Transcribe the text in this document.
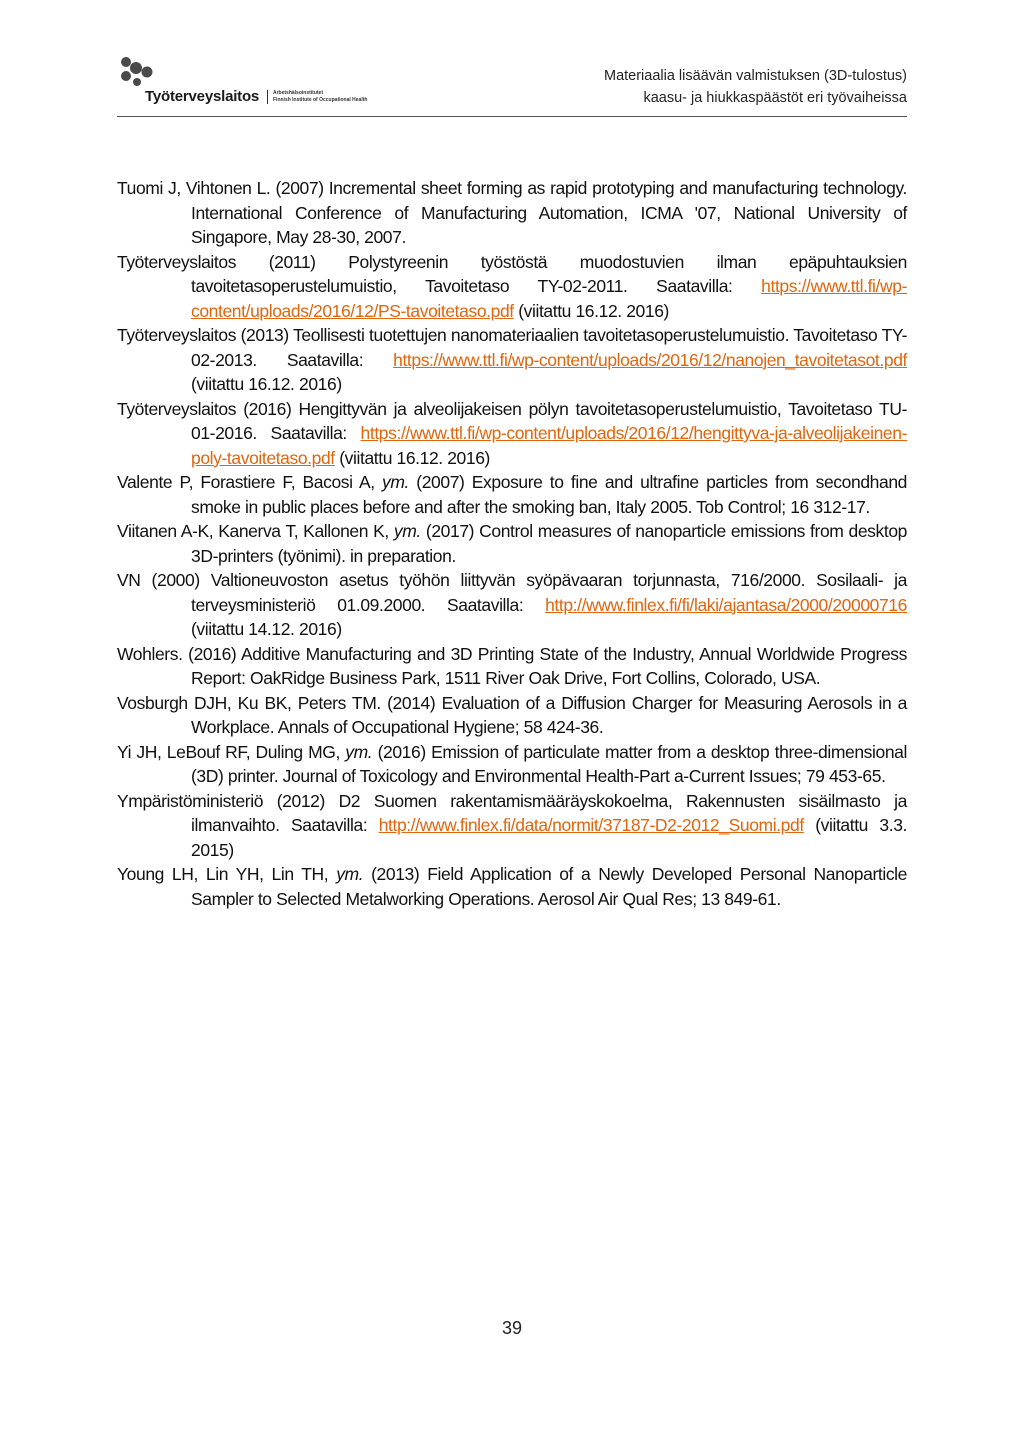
Työterveyslaitos	Arbetshälsoinstitutet
Finnish Institute of Occupational Health
Materiaalia lisäävän valmistuksen (3D-tulostus)
kaasu- ja hiukkaspäästöt eri työvaiheissa

Tuomi J, Vihtonen L. (2007) Incremental sheet forming as rapid prototyping and manufacturing technology. International Conference of Manufacturing Automation, ICMA '07, National University of Singapore, May 28-30, 2007.

Työterveyslaitos (2011) Polystyreenin työstöstä muodostuvien ilman epäpuhtauksien tavoitetasoperustelumuistio, Tavoitetaso TY-02-2011. Saatavilla: https://www.ttl.fi/wp-content/uploads/2016/12/PS-tavoitetaso.pdf (viitattu 16.12. 2016)

Työterveyslaitos (2013) Teollisesti tuotettujen nanomateriaalien tavoitetasoperustelumuistio. Tavoitetaso TY-02-2013. Saatavilla: https://www.ttl.fi/wp-content/uploads/2016/12/nanojen_tavoitetasot.pdf (viitattu 16.12. 2016)

Työterveyslaitos (2016) Hengittyvän ja alveolijakeisen pölyn tavoitetasoperustelumuistio, Tavoitetaso TU-01-2016. Saatavilla: https://www.ttl.fi/wp-content/uploads/2016/12/hengittyva-ja-alveolijakeinen-poly-tavoitetaso.pdf (viitattu 16.12. 2016)

Valente P, Forastiere F, Bacosi A, ym. (2007) Exposure to fine and ultrafine particles from secondhand smoke in public places before and after the smoking ban, Italy 2005. Tob Control; 16 312-17.

Viitanen A-K, Kanerva T, Kallonen K, ym. (2017) Control measures of nanoparticle emissions from desktop 3D-printers (työnimi). in preparation.

VN (2000) Valtioneuvoston asetus työhön liittyvän syöpävaaran torjunnasta, 716/2000. Sosilaali- ja terveysministeriö 01.09.2000. Saatavilla: http://www.finlex.fi/fi/laki/ajantasa/2000/20000716 (viitattu 14.12. 2016)

Wohlers. (2016) Additive Manufacturing and 3D Printing State of the Industry, Annual Worldwide Progress Report: OakRidge Business Park, 1511 River Oak Drive, Fort Collins, Colorado, USA.

Vosburgh DJH, Ku BK, Peters TM. (2014) Evaluation of a Diffusion Charger for Measuring Aerosols in a Workplace. Annals of Occupational Hygiene; 58 424-36.

Yi JH, LeBouf RF, Duling MG, ym. (2016) Emission of particulate matter from a desktop three-dimensional (3D) printer. Journal of Toxicology and Environmental Health-Part a-Current Issues; 79 453-65.

Ympäristöministeriö (2012) D2 Suomen rakentamismääräyskokoelma, Rakennusten sisäilmasto ja ilmanvaihto. Saatavilla: http://www.finlex.fi/data/normit/37187-D2-2012_Suomi.pdf (viitattu 3.3. 2015)

Young LH, Lin YH, Lin TH, ym. (2013) Field Application of a Newly Developed Personal Nanoparticle Sampler to Selected Metalworking Operations. Aerosol Air Qual Res; 13 849-61.

39
